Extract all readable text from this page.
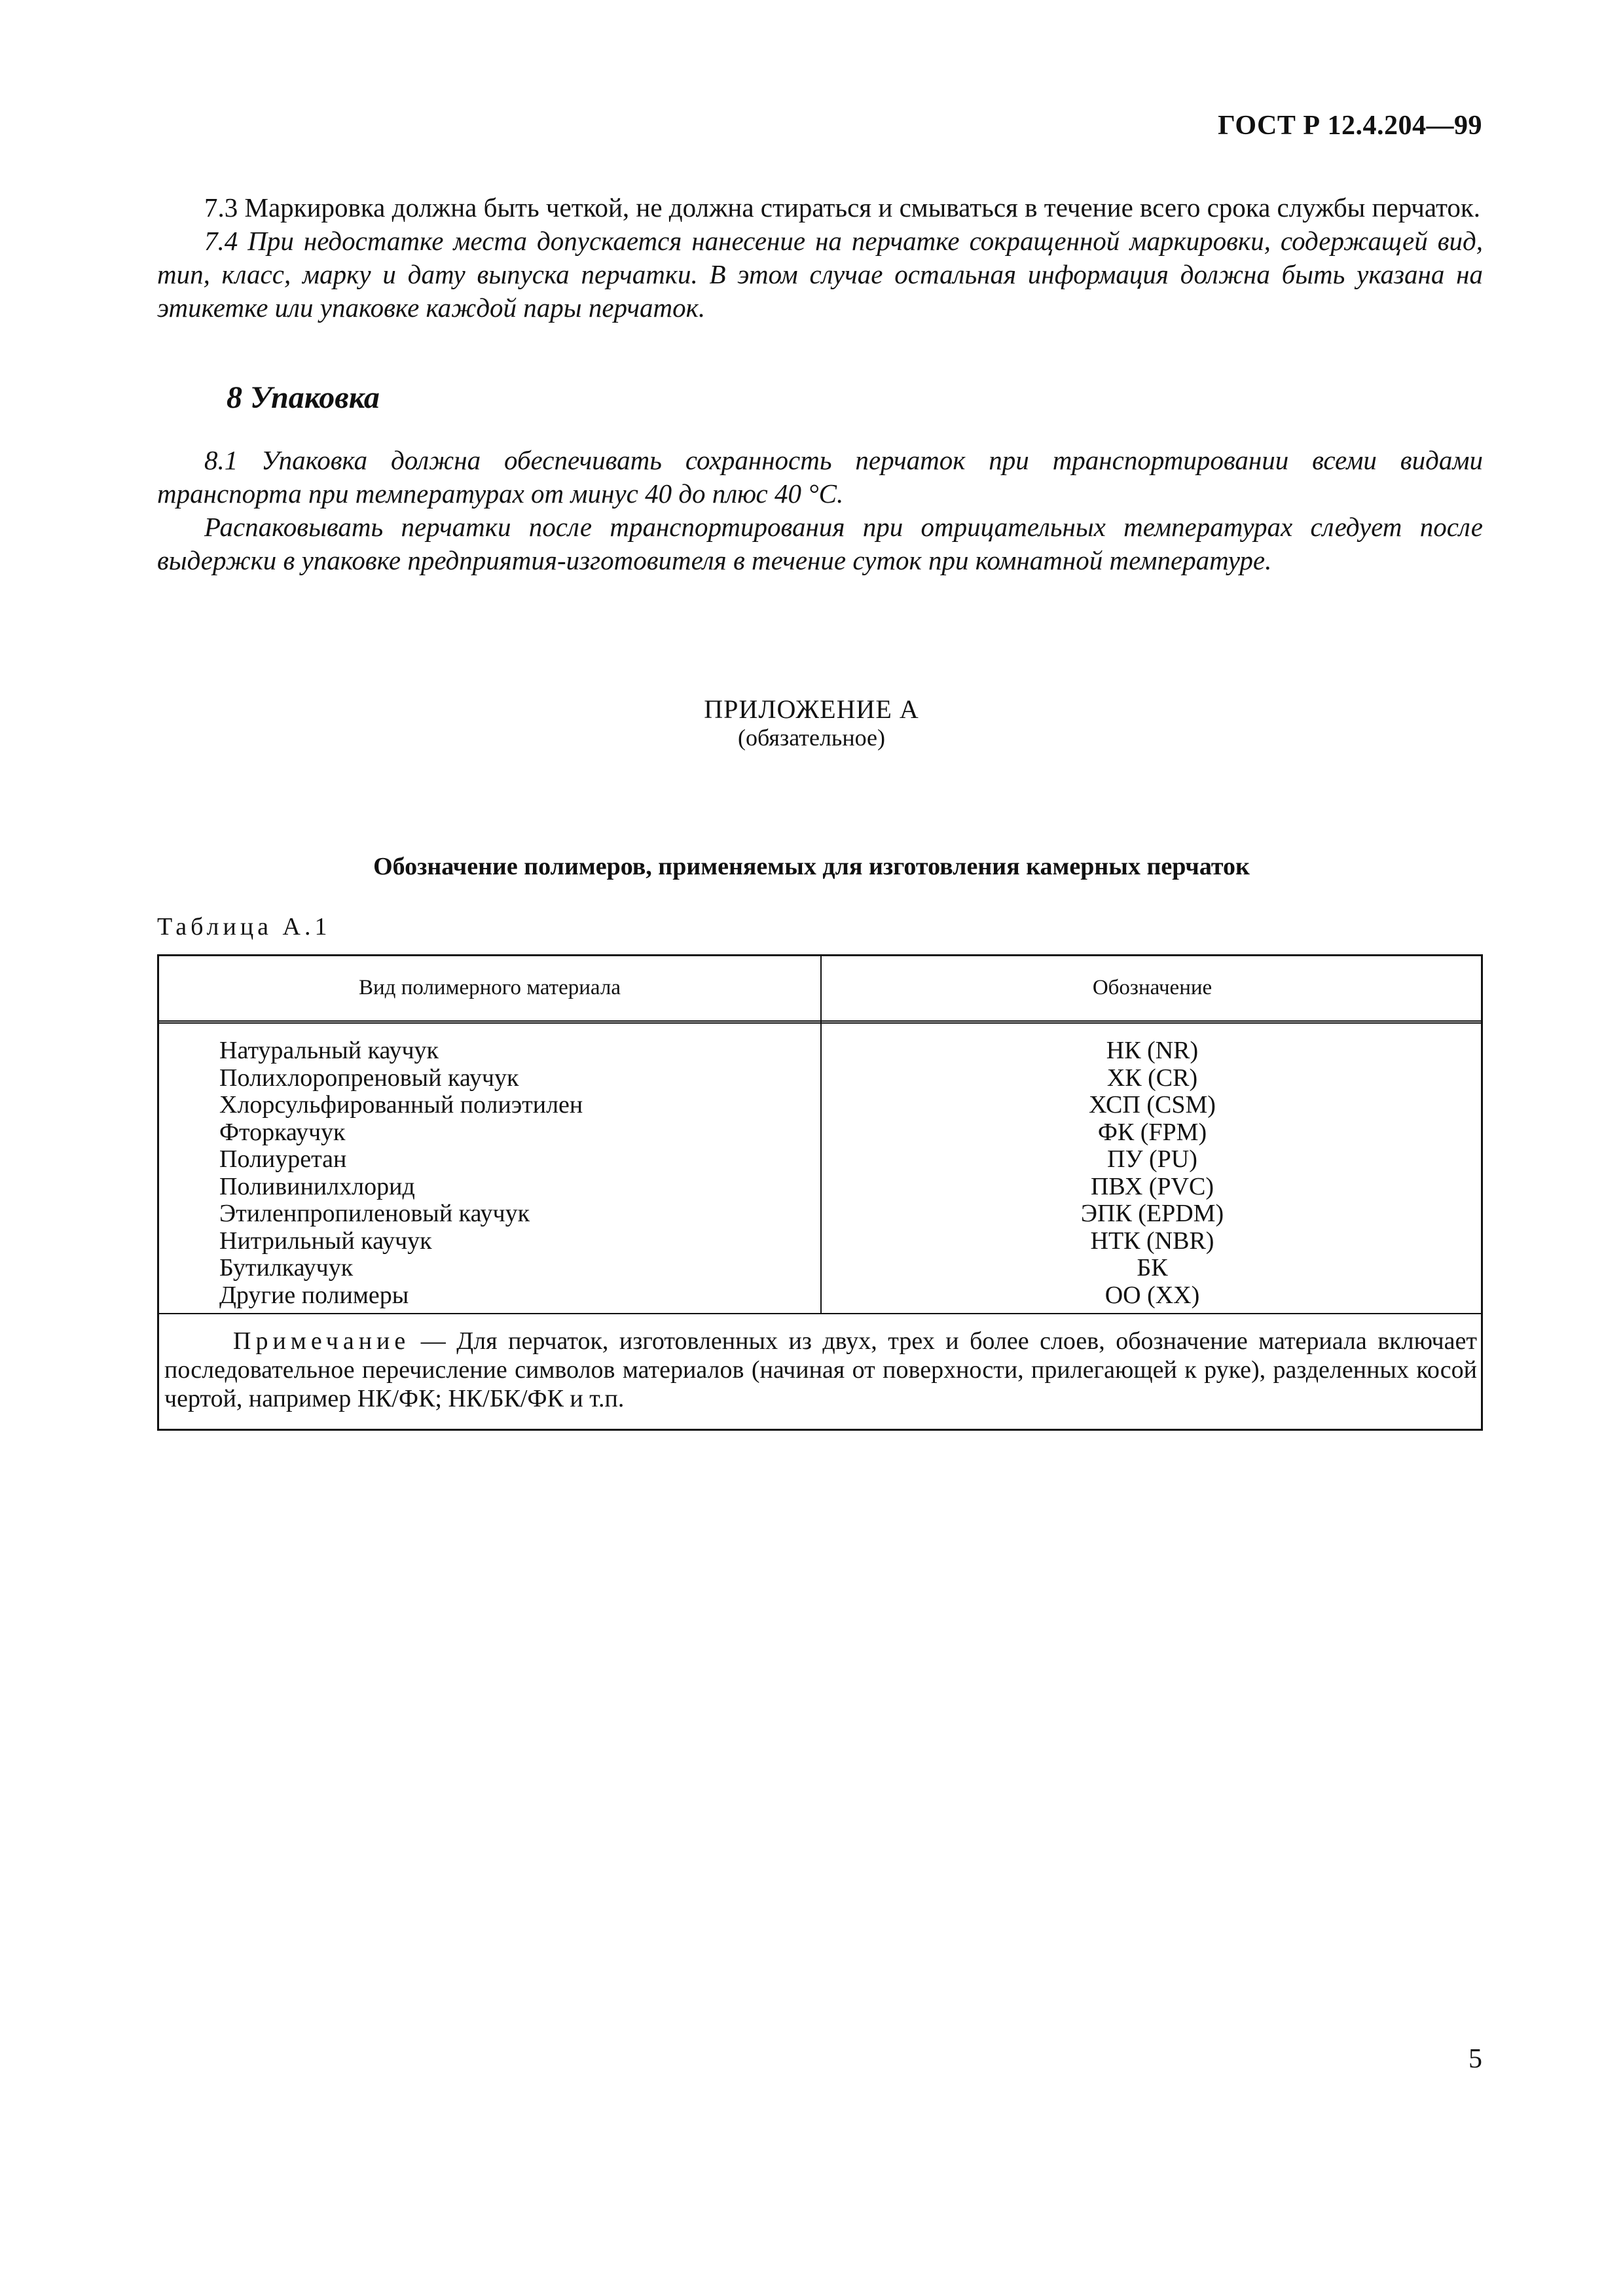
ГОСТ Р 12.4.204—99

7.3 Маркировка должна быть четкой, не должна стираться и смываться в течение всего срока службы перчаток.

7.4 При недостатке места допускается нанесение на перчатке сокращенной маркировки, содержащей вид, тип, класс, марку и дату выпуска перчатки. В этом случае остальная информация должна быть указана на этикетке или упаковке каждой пары перчаток.

8 Упаковка

8.1 Упаковка должна обеспечивать сохранность перчаток при транспортировании всеми видами транспорта при температурах от минус 40 до плюс 40 °С.

Распаковывать перчатки после транспортирования при отрицательных температурах следует после выдержки в упаковке предприятия-изготовителя в течение суток при комнатной температуре.

ПРИЛОЖЕНИЕ А
(обязательное)
Обозначение полимеров, применяемых для изготовления камерных перчаток
Таблица А.1
Вид полимерного материала	Обозначение
Натуральный каучук	НК (NR)
Полихлоропреновый каучук	ХК (CR)
Хлорсульфированный полиэтилен	ХСП (CSM)
Фторкаучук	ФК (FPM)
Полиуретан	ПУ (PU)
Поливинилхлорид	ПВХ (PVC)
Этиленпропиленовый каучук	ЭПК (EPDM)
Нитрильный каучук	НТК (NBR)
Бутилкаучук	БК
Другие полимеры	ОО (XX)
Примечание — Для перчаток, изготовленных из двух, трех и более слоев, обозначение материала включает последовательное перечисление символов материалов (начиная от поверхности, прилегающей к руке), разделенных косой чертой, например НК/ФК; НК/БК/ФК и т.п.
5
